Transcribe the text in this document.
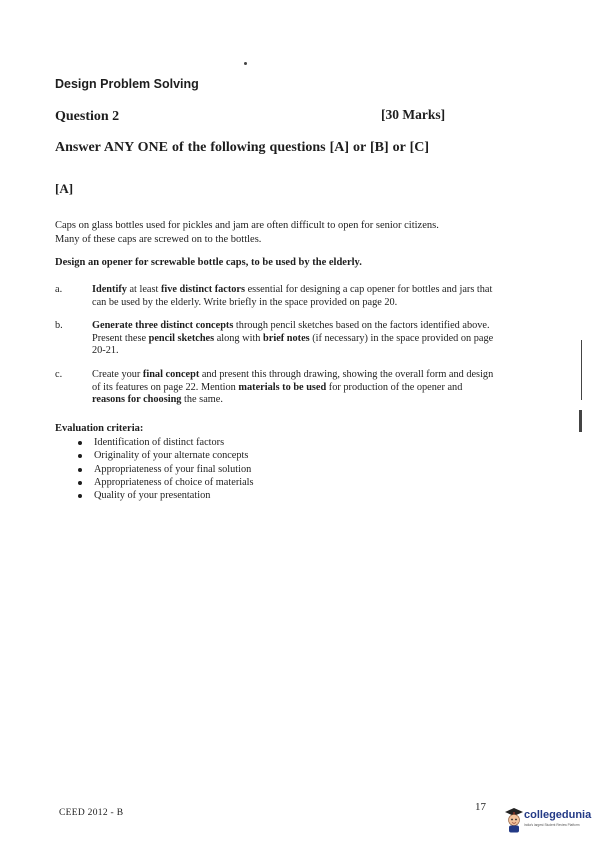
Design Problem Solving
Question 2	[30 Marks]
Answer ANY ONE of the following questions [A] or [B] or [C]
[A]
Caps on glass bottles used for pickles and jam are often difficult to open for senior citizens.
Many of these caps are screwed on to the bottles.
Design an opener for screwable bottle caps, to be used by the elderly.
a.	Identify at least five distinct factors essential for designing a cap opener for bottles and jars that can be used by the elderly. Write briefly in the space provided on page 20.
b.	Generate three distinct concepts through pencil sketches based on the factors identified above. Present these pencil sketches along with brief notes (if necessary) in the space provided on page 20-21.
c.	Create your final concept and present this through drawing, showing the overall form and design of its features on page 22. Mention materials to be used for production of the opener and reasons for choosing the same.
Evaluation criteria:
Identification of distinct factors
Originality of your alternate concepts
Appropriateness of your final solution
Appropriateness of choice of materials
Quality of your presentation
CEED 2012 - B	17
collegedunia
India's largest Student Review Platform
